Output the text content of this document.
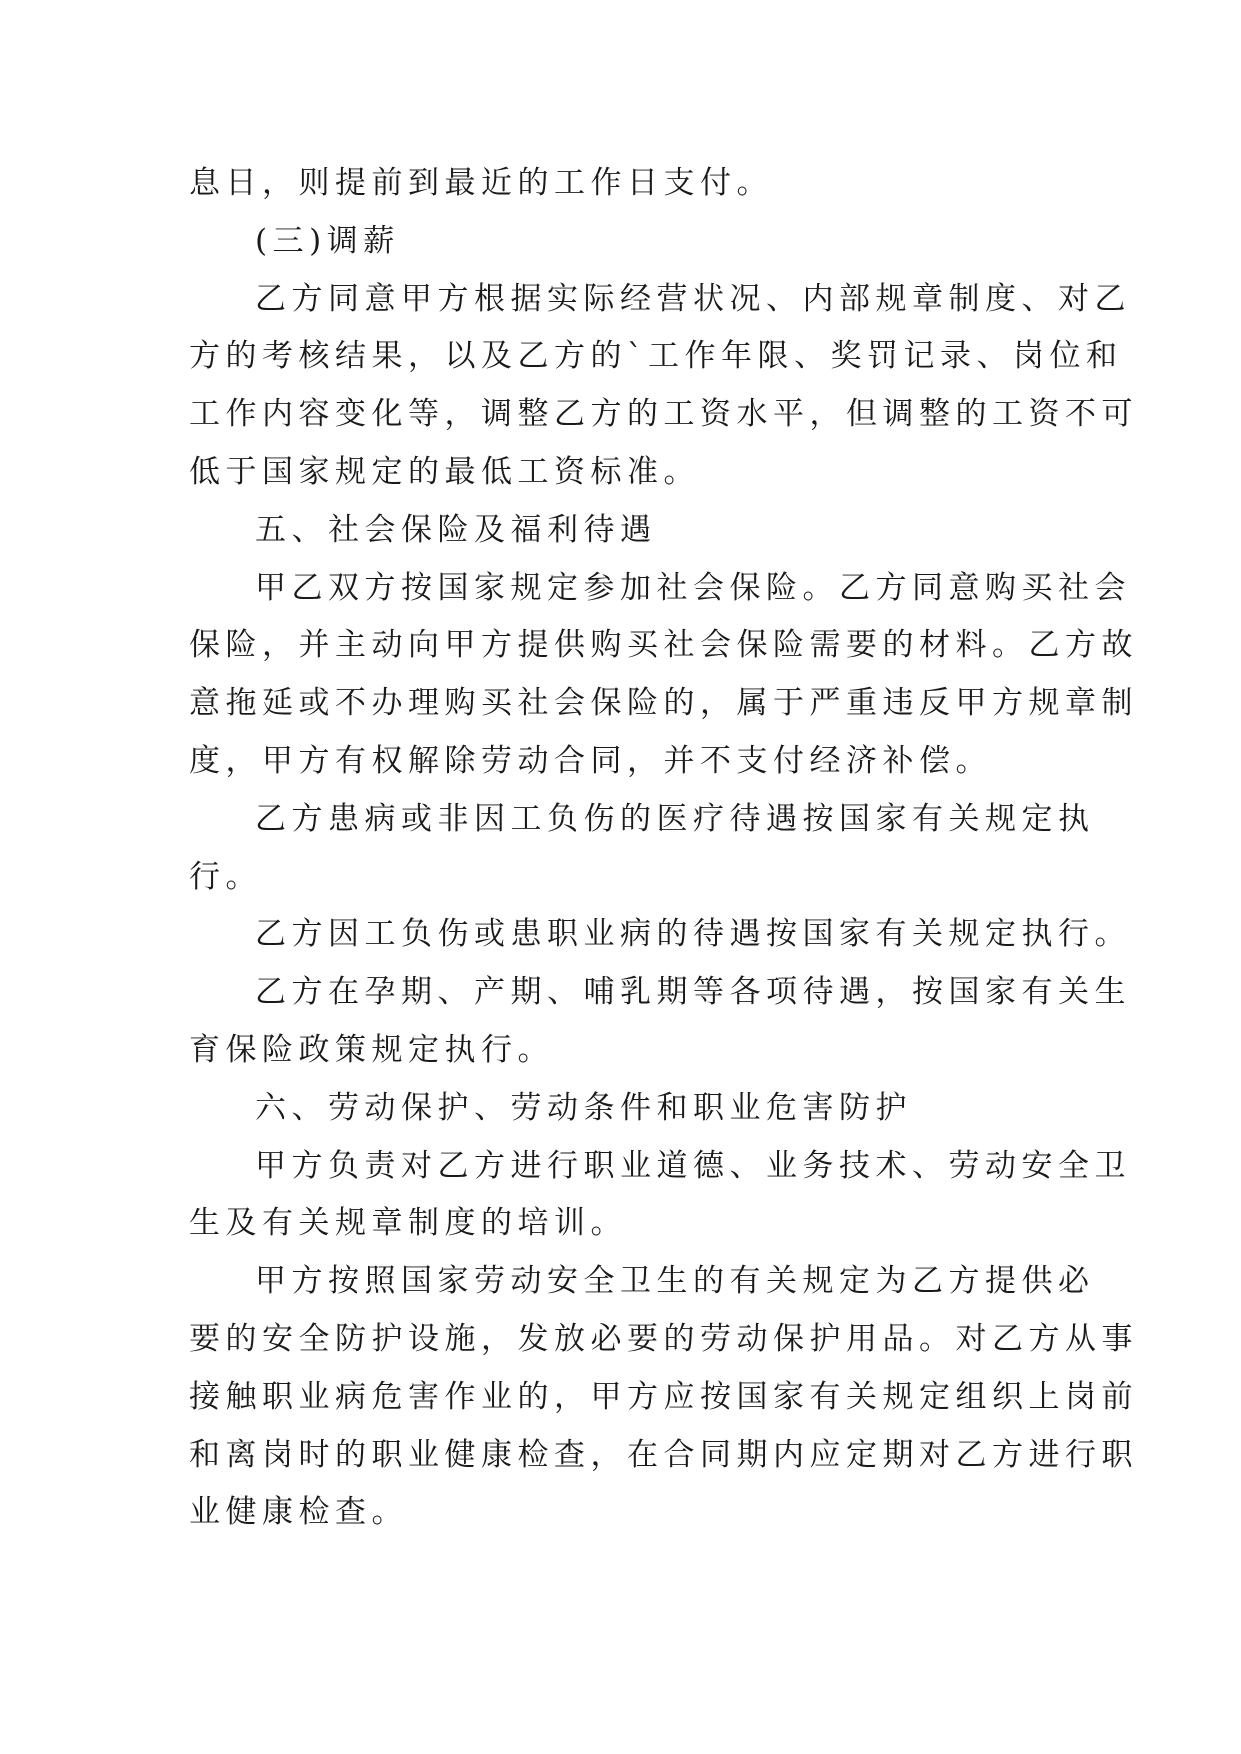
息日，则提前到最近的工作日支付。
(三)调薪
乙方同意甲方根据实际经营状况、内部规章制度、对乙
方的考核结果，以及乙方的`工作年限、奖罚记录、岗位和
工作内容变化等，调整乙方的工资水平，但调整的工资不可
低于国家规定的最低工资标准。
五、社会保险及福利待遇
甲乙双方按国家规定参加社会保险。乙方同意购买社会
保险，并主动向甲方提供购买社会保险需要的材料。乙方故
意拖延或不办理购买社会保险的，属于严重违反甲方规章制
度，甲方有权解除劳动合同，并不支付经济补偿。
乙方患病或非因工负伤的医疗待遇按国家有关规定执
行。
乙方因工负伤或患职业病的待遇按国家有关规定执行。
乙方在孕期、产期、哺乳期等各项待遇，按国家有关生
育保险政策规定执行。
六、劳动保护、劳动条件和职业危害防护
甲方负责对乙方进行职业道德、业务技术、劳动安全卫
生及有关规章制度的培训。
甲方按照国家劳动安全卫生的有关规定为乙方提供必
要的安全防护设施，发放必要的劳动保护用品。对乙方从事
接触职业病危害作业的，甲方应按国家有关规定组织上岗前
和离岗时的职业健康检查，在合同期内应定期对乙方进行职
业健康检查。
